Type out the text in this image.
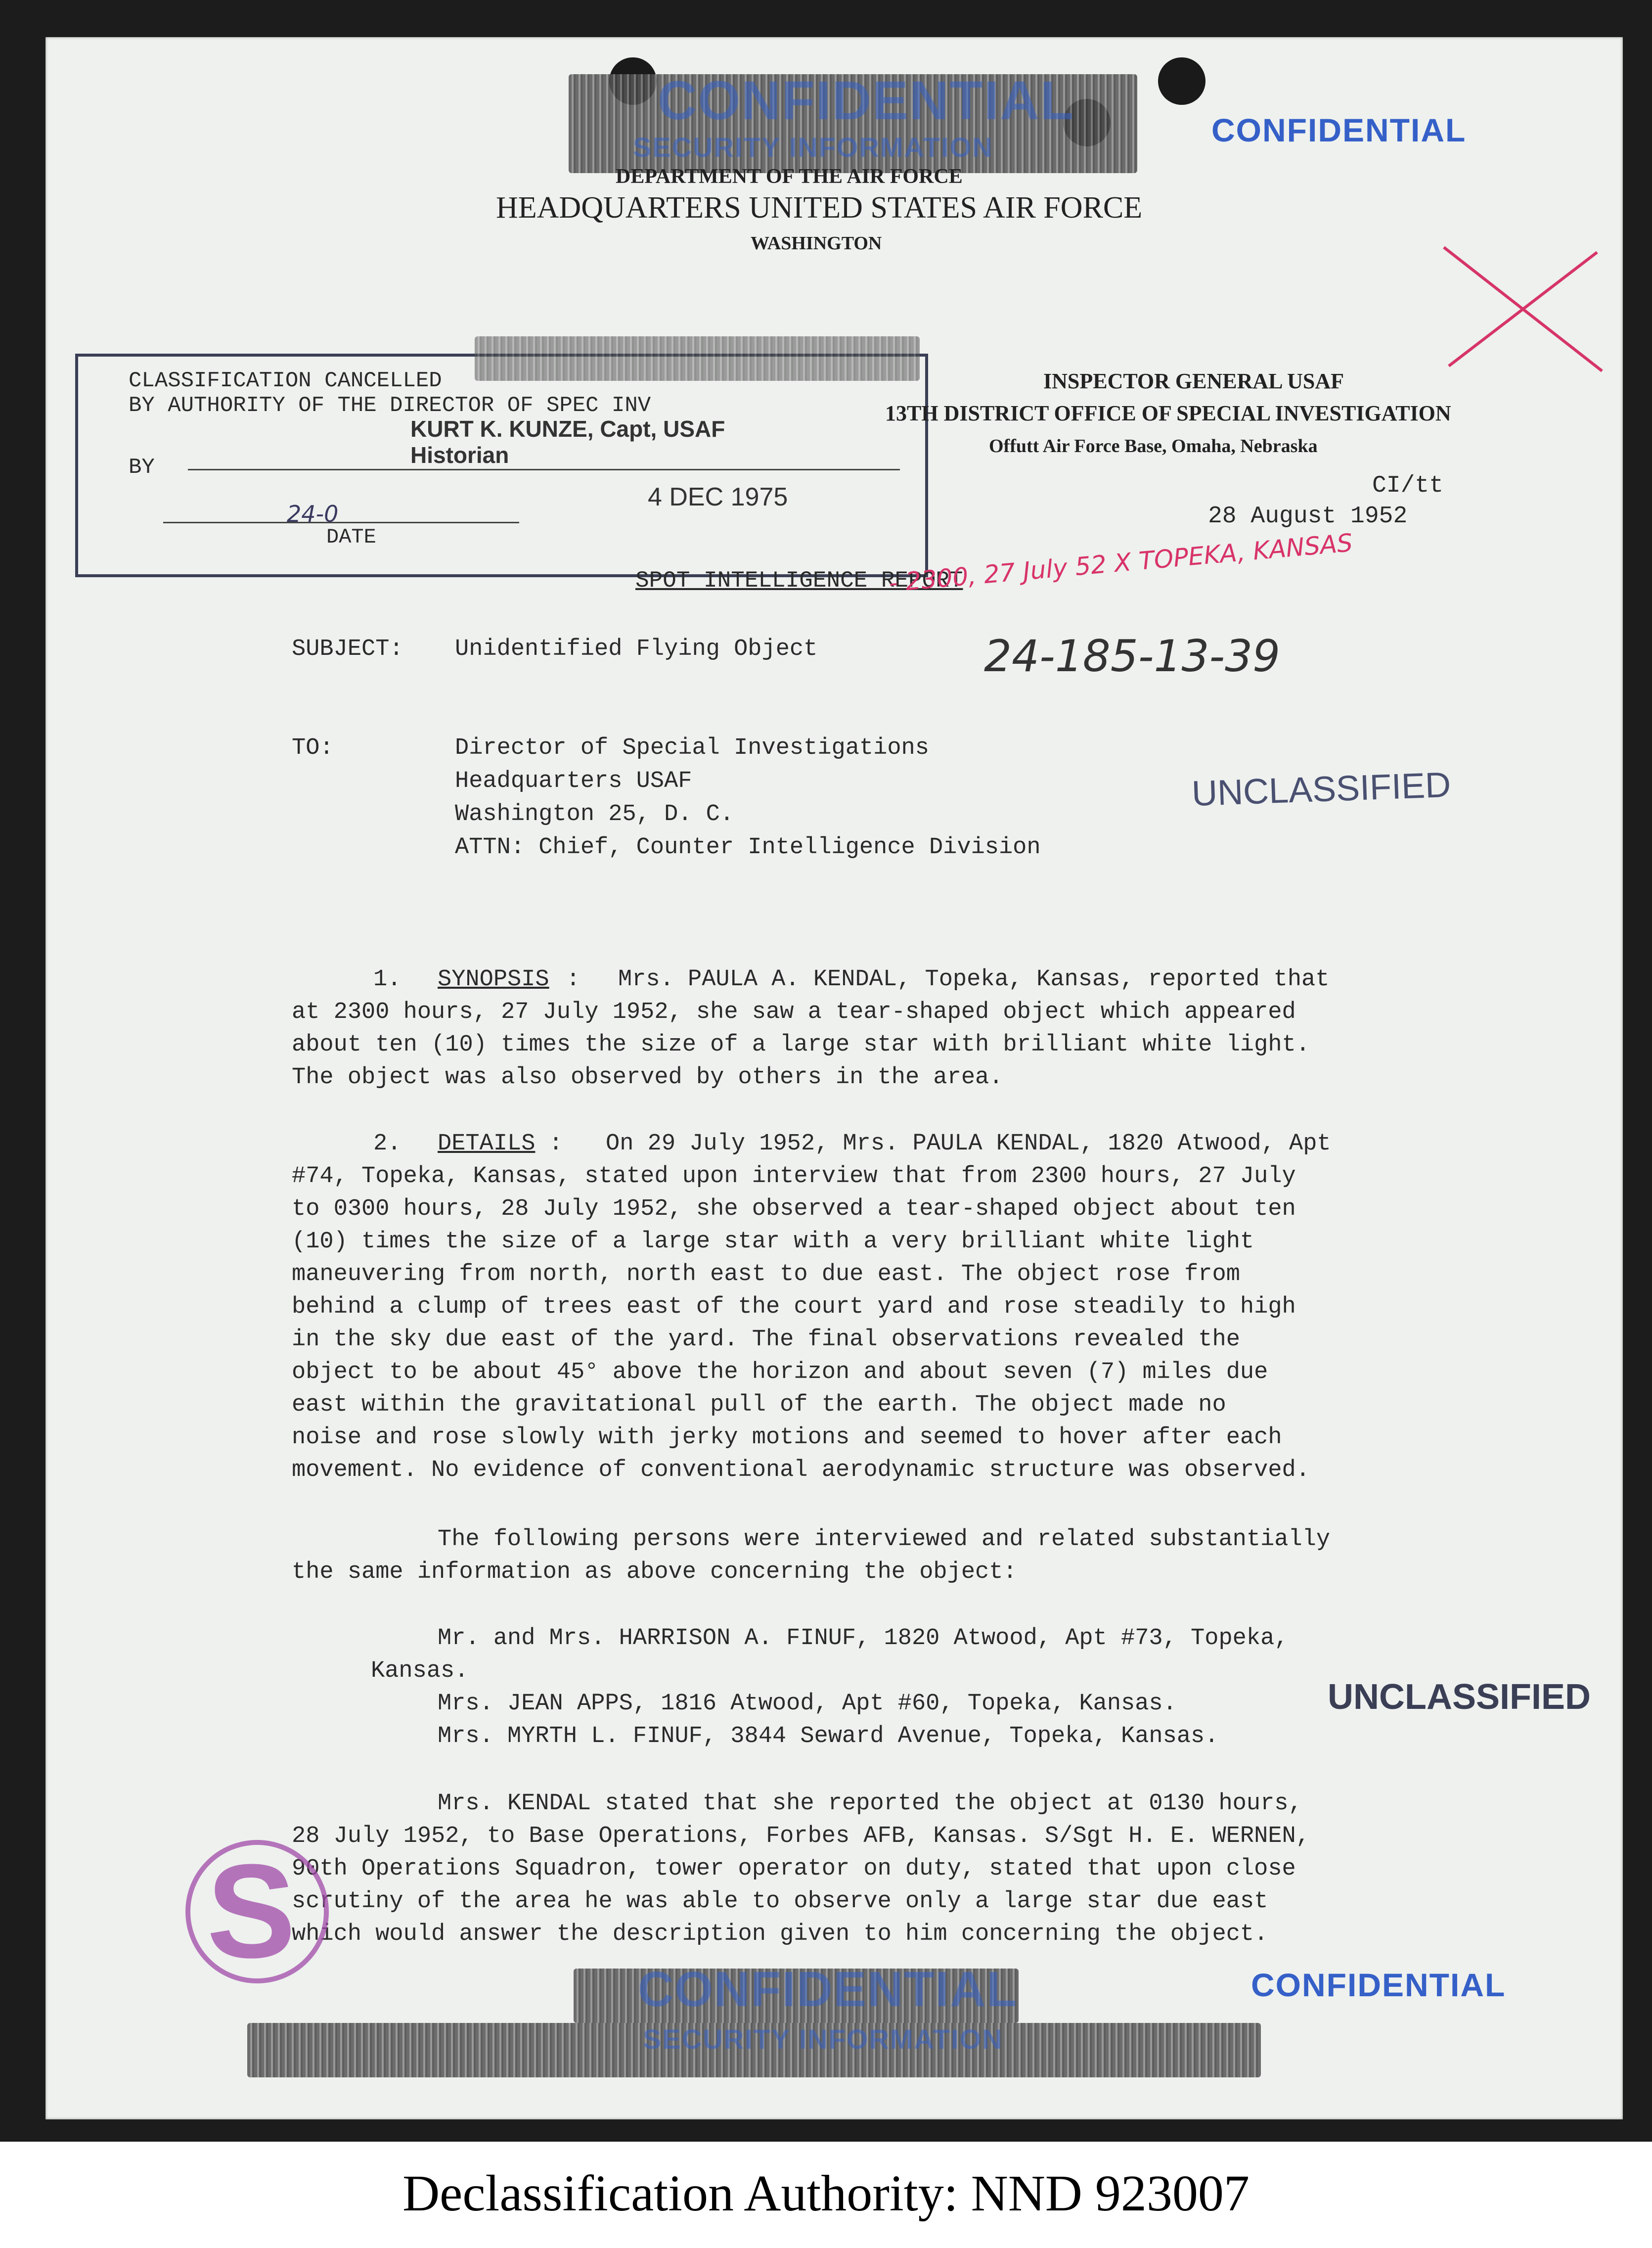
CONFIDENTIAL
SECURITY INFORMATION	CONFIDENTIAL
DEPARTMENT OF THE AIR FORCE
HEADQUARTERS UNITED STATES AIR FORCE
WASHINGTON
CLASSIFICATION CANCELLED
BY AUTHORITY OF THE DIRECTOR OF SPEC INV
BY
KURT K. KUNZE, Capt, USAF
Historian
4 DEC 1975
24-0
DATE
INSPECTOR GENERAL USAF
13TH DISTRICT OFFICE OF SPECIAL INVESTIGATION
Offutt Air Force Base, Omaha, Nebraska
CI/tt
28 August 1952
SPOT INTELLIGENCE REPORT
- 2300, 27 July 52 X TOPEKA, KANSAS
24-185-13-39
SUBJECT: Unidentified Flying Object
TO:	Director of Special Investigations
Headquarters USAF
Washington 25, D. C.
ATTN: Chief, Counter Intelligence Division
UNCLASSIFIED
1. SYNOPSIS : Mrs. PAULA A. KENDAL, Topeka, Kansas, reported that
at 2300 hours, 27 July 1952, she saw a tear-shaped object which appeared
about ten (10) times the size of a large star with brilliant white light.
The object was also observed by others in the area.
2. DETAILS : On 29 July 1952, Mrs. PAULA KENDAL, 1820 Atwood, Apt
#74, Topeka, Kansas, stated upon interview that from 2300 hours, 27 July
to 0300 hours, 28 July 1952, she observed a tear-shaped object about ten
(10) times the size of a large star with a very brilliant white light
maneuvering from north, north east to due east. The object rose from
behind a clump of trees east of the court yard and rose steadily to high
in the sky due east of the yard. The final observations revealed the
object to be about 45° above the horizon and about seven (7) miles due
east within the gravitational pull of the earth. The object made no
noise and rose slowly with jerky motions and seemed to hover after each
movement. No evidence of conventional aerodynamic structure was observed.
The following persons were interviewed and related substantially
the same information as above concerning the object:
Mr. and Mrs. HARRISON A. FINUF, 1820 Atwood, Apt #73, Topeka,
Kansas.
Mrs. JEAN APPS, 1816 Atwood, Apt #60, Topeka, Kansas.
Mrs. MYRTH L. FINUF, 3844 Seward Avenue, Topeka, Kansas.
UNCLASSIFIED
Mrs. KENDAL stated that she reported the object at 0130 hours,
28 July 1952, to Base Operations, Forbes AFB, Kansas. S/Sgt H. E. WERNEN,
90th Operations Squadron, tower operator on duty, stated that upon close
scrutiny of the area he was able to observe only a large star due east
which would answer the description given to him concerning the object.
S
CONFIDENTIAL
SECURITY INFORMATION
CONFIDENTIAL
Declassification Authority: NND 923007
